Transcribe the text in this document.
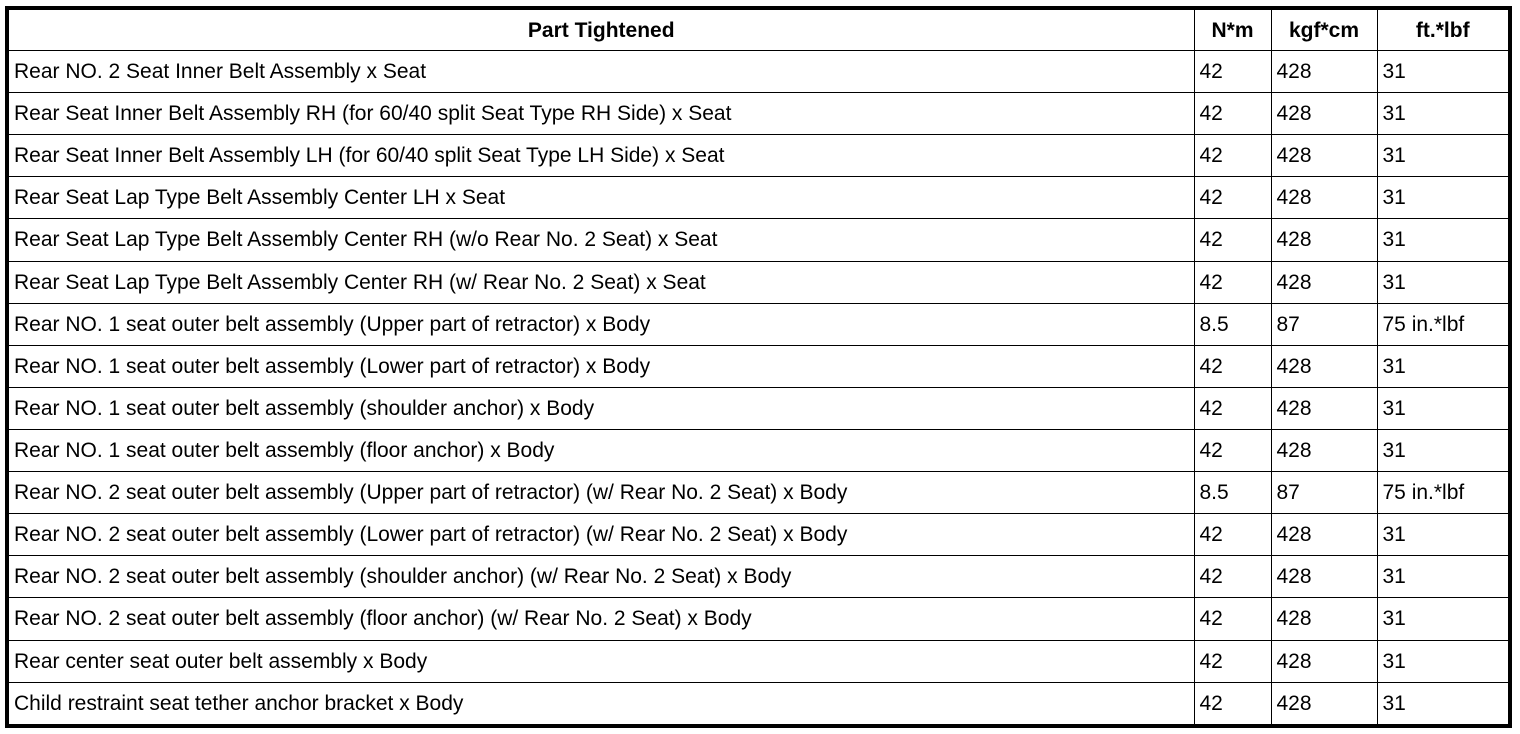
Part Tightened	N*m	kgf*cm	ft.*lbf
Rear NO. 2 Seat Inner Belt Assembly x Seat	42	428	31
Rear Seat Inner Belt Assembly RH (for 60/40 split Seat Type RH Side) x Seat	42	428	31
Rear Seat Inner Belt Assembly LH (for 60/40 split Seat Type LH Side) x Seat	42	428	31
Rear Seat Lap Type Belt Assembly Center LH x Seat	42	428	31
Rear Seat Lap Type Belt Assembly Center RH (w/o Rear No. 2 Seat) x Seat	42	428	31
Rear Seat Lap Type Belt Assembly Center RH (w/ Rear No. 2 Seat) x Seat	42	428	31
Rear NO. 1 seat outer belt assembly (Upper part of retractor) x Body	8.5	87	75 in.*lbf
Rear NO. 1 seat outer belt assembly (Lower part of retractor) x Body	42	428	31
Rear NO. 1 seat outer belt assembly (shoulder anchor) x Body	42	428	31
Rear NO. 1 seat outer belt assembly (floor anchor) x Body	42	428	31
Rear NO. 2 seat outer belt assembly (Upper part of retractor) (w/ Rear No. 2 Seat) x Body	8.5	87	75 in.*lbf
Rear NO. 2 seat outer belt assembly (Lower part of retractor) (w/ Rear No. 2 Seat) x Body	42	428	31
Rear NO. 2 seat outer belt assembly (shoulder anchor) (w/ Rear No. 2 Seat) x Body	42	428	31
Rear NO. 2 seat outer belt assembly (floor anchor) (w/ Rear No. 2 Seat) x Body	42	428	31
Rear center seat outer belt assembly x Body	42	428	31
Child restraint seat tether anchor bracket x Body	42	428	31
